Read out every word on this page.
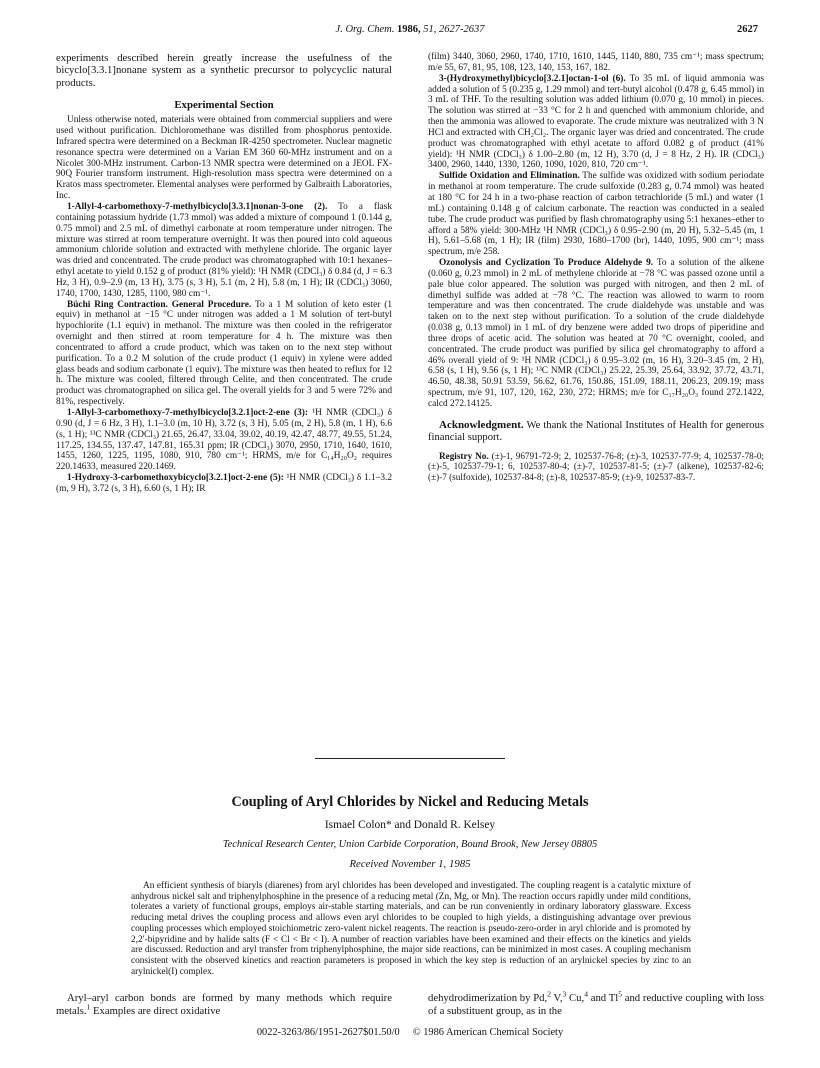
J. Org. Chem. 1986, 51, 2627-2637	2627

experiments described herein greatly increase the usefulness of the bicyclo[3.3.1]nonane system as a synthetic precursor to polycyclic natural products.

Experimental Section

Unless otherwise noted, materials were obtained from commercial suppliers and were used without purification. Dichloromethane was distilled from phosphorus pentoxide. Infrared spectra were determined on a Beckman IR-4250 spectrometer. Nuclear magnetic resonance spectra were determined on a Varian EM 360 60-MHz instrument and on a Nicolet 300-MHz instrument. Carbon-13 NMR spectra were determined on a JEOL FX-90Q Fourier transform instrument. High-resolution mass spectra were determined on a Kratos mass spectrometer. Elemental analyses were performed by Galbraith Laboratories, Inc.

1-Allyl-4-carbomethoxy-7-methylbicyclo[3.3.1]nonan-3-one (2). To a flask containing potassium hydride (1.73 mmol) was added a mixture of compound 1 (0.144 g, 0.75 mmol) and 2.5 mL of dimethyl carbonate at room temperature under nitrogen. The mixture was stirred at room temperature overnight. It was then poured into cold aqueous ammonium chloride solution and extracted with methylene chloride. The organic layer was dried and concentrated. The crude product was chromatographed with 10:1 hexanes–ethyl acetate to yield 0.152 g of product (81% yield): ¹H NMR (CDCl₃) δ 0.84 (d, J = 6.3 Hz, 3 H), 0.9–2.9 (m, 13 H), 3.75 (s, 3 H), 5.1 (m, 2 H), 5.8 (m, 1 H); IR (CDCl₃) 3060, 1740, 1700, 1430, 1285, 1100, 980 cm⁻¹.

Büchi Ring Contraction. General Procedure. To a 1 M solution of keto ester (1 equiv) in methanol at −15 °C under nitrogen was added a 1 M solution of tert-butyl hypochlorite (1.1 equiv) in methanol. The mixture was then cooled in the refrigerator overnight and then stirred at room temperature for 4 h. The mixture was then concentrated to afford a crude product, which was taken on to the next step without purification. To a 0.2 M solution of the crude product (1 equiv) in xylene were added glass beads and sodium carbonate (1 equiv). The mixture was then heated to reflux for 12 h. The mixture was cooled, filtered through Celite, and then concentrated. The crude product was chromatographed on silica gel. The overall yields for 3 and 5 were 72% and 81%, respectively.

1-Allyl-3-carbomethoxy-7-methylbicyclo[3.2.1]oct-2-ene (3): ¹H NMR (CDCl₃) δ 0.90 (d, J = 6 Hz, 3 H), 1.1–3.0 (m, 10 H), 3.72 (s, 3 H), 5.05 (m, 2 H), 5.8 (m, 1 H), 6.6 (s, 1 H); ¹³C NMR (CDCl₃) 21.65, 26.47, 33.04, 39.02, 40.19, 42.47, 48.77, 49.55, 51.24, 117.25, 134.55, 137.47, 147.81, 165.31 ppm; IR (CDCl₃) 3070, 2950, 1710, 1640, 1610, 1455, 1260, 1225, 1195, 1080, 910, 780 cm⁻¹; HRMS, m/e for C₁₄H₂₀O₂ requires 220.14633, measured 220.1469.

1-Hydroxy-3-carbomethoxybicyclo[3.2.1]oct-2-ene (5): ¹H NMR (CDCl₃) δ 1.1–3.2 (m, 9 H), 3.72 (s, 3 H), 6.60 (s, 1 H); IR

(film) 3440, 3060, 2960, 1740, 1710, 1610, 1445, 1140, 880, 735 cm⁻¹; mass spectrum; m/e 55, 67, 81, 95, 108, 123, 140, 153, 167, 182.

3-(Hydroxymethyl)bicyclo[3.2.1]octan-1-ol (6). To 35 mL of liquid ammonia was added a solution of 5 (0.235 g, 1.29 mmol) and tert-butyl alcohol (0.478 g, 6.45 mmol) in 3 mL of THF. To the resulting solution was added lithium (0.070 g, 10 mmol) in pieces. The solution was stirred at −33 °C for 2 h and quenched with ammonium chloride, and then the ammonia was allowed to evaporate. The crude mixture was neutralized with 3 N HCl and extracted with CH₂Cl₂. The organic layer was dried and concentrated. The crude product was chromatographed with ethyl acetate to afford 0.082 g of product (41% yield): ¹H NMR (CDCl₃) δ 1.00–2.80 (m, 12 H), 3.70 (d, J = 8 Hz, 2 H). IR (CDCl₃) 3400, 2960, 1440, 1330, 1260, 1090, 1020, 810, 720 cm⁻¹.

Sulfide Oxidation and Elimination. The sulfide was oxidized with sodium periodate in methanol at room temperature. The crude sulfoxide (0.283 g, 0.74 mmol) was heated at 180 °C for 24 h in a two-phase reaction of carbon tetrachloride (5 mL) and water (1 mL) containing 0.148 g of calcium carbonate. The reaction was conducted in a sealed tube. The crude product was purified by flash chromatography using 5:1 hexanes–ether to afford a 58% yield: 300-MHz ¹H NMR (CDCl₃) δ 0.95–2.90 (m, 20 H), 5.32–5.45 (m, 1 H), 5.61–5.68 (m, 1 H); IR (film) 2930, 1680–1700 (br), 1440, 1095, 900 cm⁻¹; mass spectrum, m/e 258.

Ozonolysis and Cyclization To Produce Aldehyde 9. To a solution of the alkene (0.060 g, 0.23 mmol) in 2 mL of methylene chloride at −78 °C was passed ozone until a pale blue color appeared. The solution was purged with nitrogen, and then 2 mL of dimethyl sulfide was added at −78 °C. The reaction was allowed to warm to room temperature and was then concentrated. The crude dialdehyde was unstable and was taken on to the next step without purification. To a solution of the crude dialdehyde (0.038 g, 0.13 mmol) in 1 mL of dry benzene were added two drops of piperidine and three drops of acetic acid. The solution was heated at 70 °C overnight, cooled, and concentrated. The crude product was purified by silica gel chromatography to afford a 46% overall yield of 9: ¹H NMR (CDCl₃) δ 0.95–3.02 (m, 16 H), 3.20–3.45 (m, 2 H), 6.58 (s, 1 H), 9.56 (s, 1 H); ¹³C NMR (CDCl₃) 25.22, 25.39, 25.64, 33.92, 37.72, 43.71, 46.50, 48.38, 50.91 53.59, 56.62, 61.76, 150.86, 151.09, 188.11, 206.23, 209.19; mass spectrum, m/e 91, 107, 120, 162, 230, 272; HRMS; m/e for C₁₇H₂₀O₃ found 272.1422, calcd 272.14125.

Acknowledgment. We thank the National Institutes of Health for generous financial support.

Registry No. (±)-1, 96791-72-9; 2, 102537-76-8; (±)-3, 102537-77-9; 4, 102537-78-0; (±)-5, 102537-79-1; 6, 102537-80-4; (±)-7, 102537-81-5; (±)-7 (alkene), 102537-82-6; (±)-7 (sulfoxide), 102537-84-8; (±)-8, 102537-85-9; (±)-9, 102537-83-7.

Coupling of Aryl Chlorides by Nickel and Reducing Metals
Ismael Colon* and Donald R. Kelsey
Technical Research Center, Union Carbide Corporation, Bound Brook, New Jersey 08805
Received November 1, 1985
An efficient synthesis of biaryls (diarenes) from aryl chlorides has been developed and investigated. The coupling reagent is a catalytic mixture of anhydrous nickel salt and triphenylphosphine in the presence of a reducing metal (Zn, Mg, or Mn). The reaction occurs rapidly under mild conditions, tolerates a variety of functional groups, employs air-stable starting materials, and can be run conveniently in ordinary laboratory glassware. Excess reducing metal drives the coupling process and allows even aryl chlorides to be coupled to high yields, a distinguishing advantage over previous coupling processes which employed stoichiometric zero-valent nickel reagents. The reaction is pseudo-zero-order in aryl chloride and is promoted by 2,2′-bipyridine and by halide salts (F < Cl < Br < I). A number of reaction variables have been examined and their effects on the kinetics and yields are discussed. Reduction and aryl transfer from triphenylphosphine, the major side reactions, can be minimized in most cases. A coupling mechanism consistent with the observed kinetics and reaction parameters is proposed in which the key step is reduction of an arylnickel species by zinc to an arylnickel(I) complex.
Aryl–aryl carbon bonds are formed by many methods which require metals.$^1$ Examples are direct oxidative
dehydrodimerization by Pd,$^2$ V,$^3$ Cu,$^4$ and Tl$^5$ and reductive coupling with loss of a substituent group, as in the
0022-3263/86/1951-2627$01.50/0 © 1986 American Chemical Society
